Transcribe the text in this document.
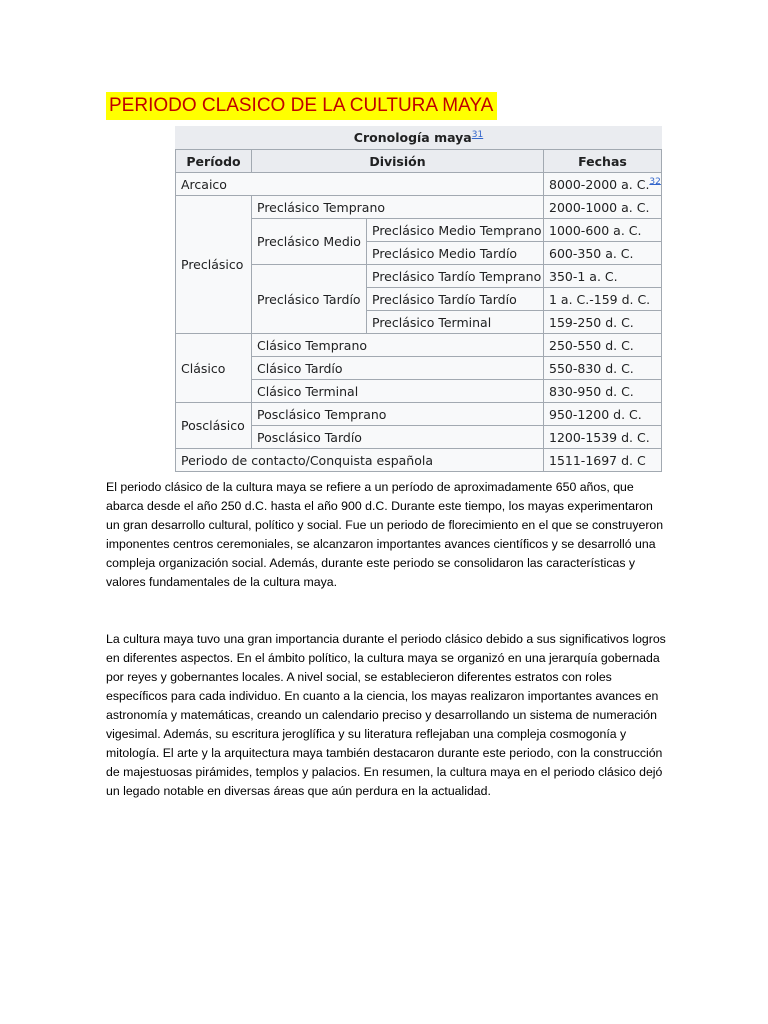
PERIODO CLASICO DE LA CULTURA MAYA
Cronología maya$^{31}$
Período	División		Fechas
Arcaico			8000-2000 a. C.$^{32}$
Preclásico	Preclásico Temprano		2000-1000 a. C.
	Preclásico Medio	Preclásico Medio Temprano	1000-600 a. C.
		Preclásico Medio Tardío	600-350 a. C.
	Preclásico Tardío	Preclásico Tardío Temprano	350-1 a. C.
		Preclásico Tardío Tardío	1 a. C.-159 d. C.
		Preclásico Terminal	159-250 d. C.
Clásico	Clásico Temprano		250-550 d. C.
	Clásico Tardío		550-830 d. C.
	Clásico Terminal		830-950 d. C.
Posclásico	Posclásico Temprano		950-1200 d. C.
	Posclásico Tardío		1200-1539 d. C.
Periodo de contacto/Conquista española			1511-1697 d. C

El periodo clásico de la cultura maya se refiere a un período de aproximadamente 650 años, que abarca desde el año 250 d.C. hasta el año 900 d.C. Durante este tiempo, los mayas experimentaron un gran desarrollo cultural, político y social. Fue un periodo de florecimiento en el que se construyeron imponentes centros ceremoniales, se alcanzaron importantes avances científicos y se desarrolló una compleja organización social. Además, durante este periodo se consolidaron las características y valores fundamentales de la cultura maya.

La cultura maya tuvo una gran importancia durante el periodo clásico debido a sus significativos logros en diferentes aspectos. En el ámbito político, la cultura maya se organizó en una jerarquía gobernada por reyes y gobernantes locales. A nivel social, se establecieron diferentes estratos con roles específicos para cada individuo. En cuanto a la ciencia, los mayas realizaron importantes avances en astronomía y matemáticas, creando un calendario preciso y desarrollando un sistema de numeración vigesimal. Además, su escritura jeroglífica y su literatura reflejaban una compleja cosmogonía y mitología. El arte y la arquitectura maya también destacaron durante este periodo, con la construcción de majestuosas pirámides, templos y palacios. En resumen, la cultura maya en el periodo clásico dejó un legado notable en diversas áreas que aún perdura en la actualidad.
